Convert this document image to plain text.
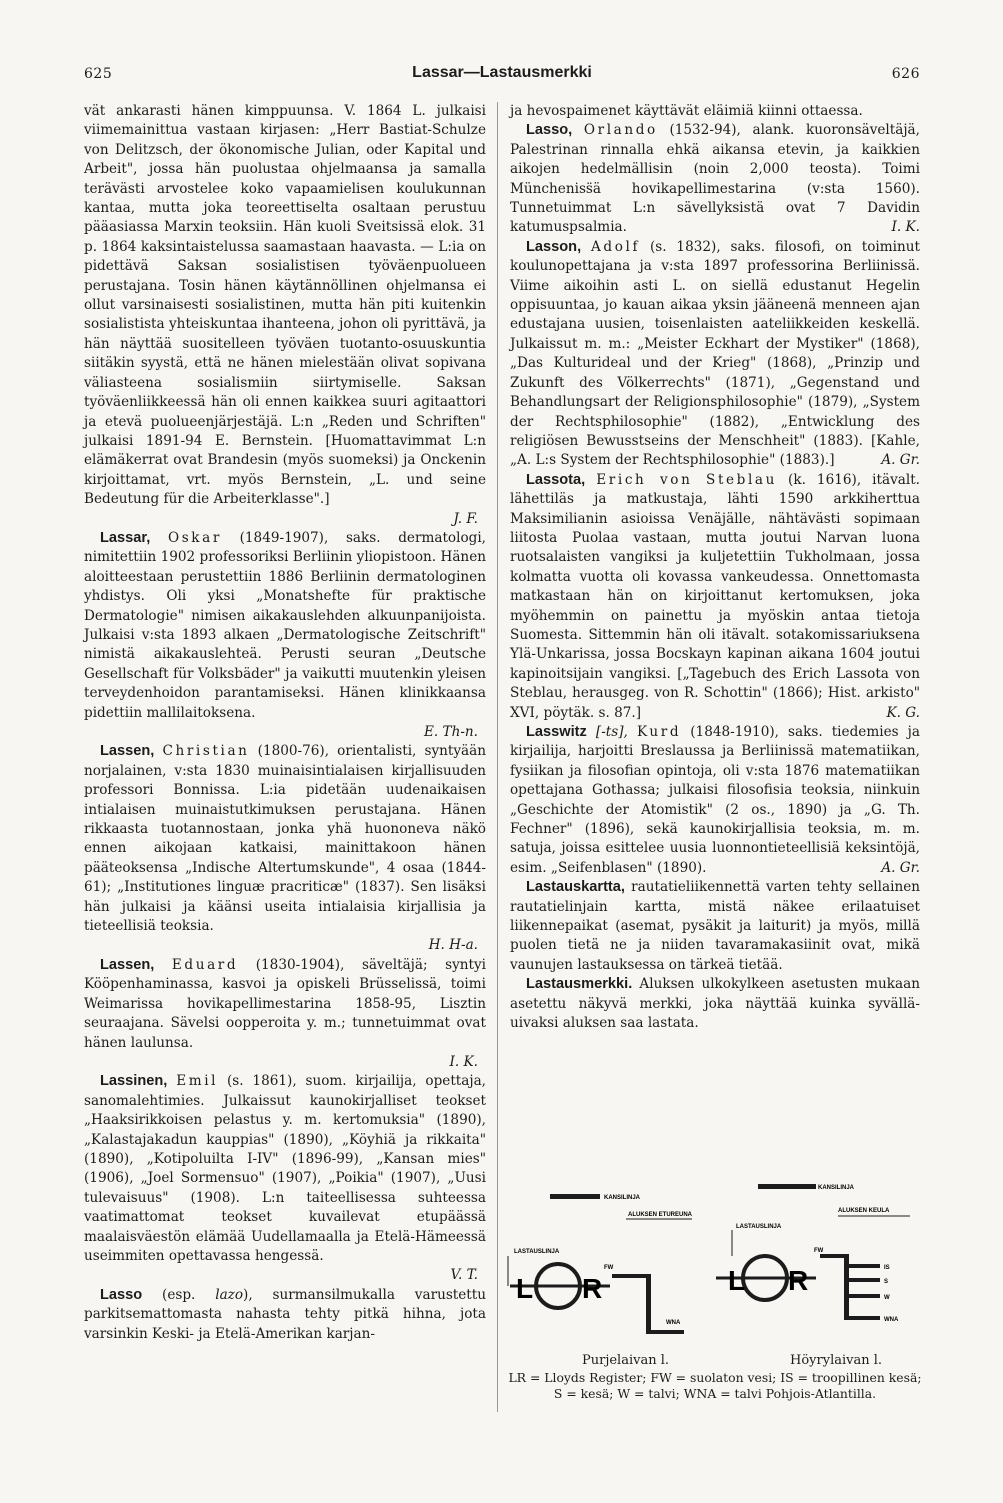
625	Lassar—Lastausmerkki	626

vät ankarasti hänen kimppuunsa. V. 1864 L. julkaisi viimemainittua vastaan kirjasen: „Herr Bastiat-Schulze von Delitzsch, der ökonomische Julian, oder Kapital und Arbeit", jossa hän puolustaa ohjelmaansa ja samalla terävästi arvostelee koko vapaamielisen koulukunnan kantaa, mutta joka teoreettiselta osaltaan perustuu pääasiassa Marxin teoksiin. Hän kuoli Sveitsissä elok. 31 p. 1864 kaksintaistelussa saamastaan haavasta. — L:ia on pidettävä Saksan sosialistisen työväenpuolueen perustajana. Tosin hänen käytännöllinen ohjelmansa ei ollut varsinaisesti sosialistinen, mutta hän piti kuitenkin sosialistista yhteiskuntaa ihanteena, johon oli pyrittävä, ja hän näyttää suositelleen työväen tuotanto-osuuskuntia siitäkin syystä, että ne hänen mielestään olivat sopivana väliasteena sosialismiin siirtymiselle. Saksan työväenliikkeessä hän oli ennen kaikkea suuri agitaattori ja etevä puolueenjärjestäjä. L:n „Reden und Schriften" julkaisi 1891-94 E. Bernstein. [Huomattavimmat L:n elämäkerrat ovat Brandesin (myös suomeksi) ja Onckenin kirjoittamat, vrt. myös Bernstein, „L. und seine Bedeutung für die Arbeiterklasse".]

J. F.

Lassar, Oskar (1849-1907), saks. dermatologi, nimitettiin 1902 professoriksi Berliinin yliopistoon. Hänen aloitteestaan perustettiin 1886 Berliinin dermatologinen yhdistys. Oli yksi „Monatshefte für praktische Dermatologie" nimisen aikakauslehden alkuunpanijoista. Julkaisi v:sta 1893 alkaen „Dermatologische Zeitschrift" nimistä aikakauslehteä. Perusti seuran „Deutsche Gesellschaft für Volksbäder" ja vaikutti muutenkin yleisen terveydenhoidon parantamiseksi. Hänen klinikkaansa pidettiin mallilaitoksena.

E. Th-n.

Lassen, Christian (1800-76), orientalisti, syntyään norjalainen, v:sta 1830 muinaisintialaisen kirjallisuuden professori Bonnissa. L:ia pidetään uudenaikaisen intialaisen muinaistutkimuksen perustajana. Hänen rikkaasta tuotannostaan, jonka yhä huononeva näkö ennen aikojaan katkaisi, mainittakoon hänen pääteoksensa „Indische Altertumskunde", 4 osaa (1844-61); „Institutiones linguæ pracriticæ" (1837). Sen lisäksi hän julkaisi ja käänsi useita intialaisia kirjallisia ja tieteellisiä teoksia.

H. H-a.

Lassen, Eduard (1830-1904), säveltäjä; syntyi Kööpenhaminassa, kasvoi ja opiskeli Brüsselissä, toimi Weimarissa hovikapellimestarina 1858-95, Lisztin seuraajana. Sävelsi oopperoita y. m.; tunnetuimmat ovat hänen laulunsa.

I. K.

Lassinen, Emil (s. 1861), suom. kirjailija, opettaja, sanomalehtimies. Julkaissut kaunokirjalliset teokset „Haaksirikkoisen pelastus y. m. kertomuksia" (1890), „Kalastajakadun kauppias" (1890), „Köyhiä ja rikkaita" (1890), „Kotipoluilta I-IV" (1896-99), „Kansan mies" (1906), „Joel Sormensuo" (1907), „Poikia" (1907), „Uusi tulevaisuus" (1908). L:n taiteellisessa suhteessa vaatimattomat teokset kuvailevat etupäässä maalaisväestön elämää Uudellamaalla ja Etelä-Hämeessä useimmiten opettavassa hengessä.

V. T.

Lasso (esp. lazo), surmansilmukalla varustettu parkitsemattomasta nahasta tehty pitkä hihna, jota varsinkin Keski- ja Etelä-Amerikan karjan-

ja hevospaimenet käyttävät eläimiä kiinni ottaessa.

Lasso, Orlando (1532-94), alank. kuoronsäveltäjä, Palestrinan rinnalla ehkä aikansa etevin, ja kaikkien aikojen hedelmällisin (noin 2,000 teosta). Toimi Müncheniss̈ä hovikapellimestarina (v:sta 1560). Tunnetuimmat L:n sävellyksistä ovat 7 Davidin katumuspsalmia.	I. K.

Lasson, Adolf (s. 1832), saks. filosofi, on toiminut koulunopettajana ja v:sta 1897 professorina Berliinissä. Viime aikoihin asti L. on siellä edustanut Hegelin oppisuuntaa, jo kauan aikaa yksin jääneenä menneen ajan edustajana uusien, toisenlaisten aateliikkeiden keskellä. Julkaissut m. m.: „Meister Eckhart der Mystiker" (1868), „Das Kulturideal und der Krieg" (1868), „Prinzip und Zukunft des Völkerrechts" (1871), „Gegenstand und Behandlungsart der Religionsphilosophie" (1879), „System der Rechtsphilosophie" (1882), „Entwicklung des religiösen Bewusstseins der Menschheit" (1883). [Kahle, „A. L:s System der Rechtsphilosophie" (1883).]	A. Gr.

Lassota, Erich von Steblau (k. 1616), itävalt. lähettiläs ja matkustaja, lähti 1590 arkkiherttua Maksimilianin asioissa Venäjälle, nähtävästi sopimaan liitosta Puolaa vastaan, mutta joutui Narvan luona ruotsalaisten vangiksi ja kuljetettiin Tukholmaan, jossa kolmatta vuotta oli kovassa vankeudessa. Onnettomasta matkastaan hän on kirjoittanut kertomuksen, joka myöhemmin on painettu ja myöskin antaa tietoja Suomesta. Sittemmin hän oli itävalt. sotakomissariuksena Ylä-Unkarissa, jossa Bocskayn kapinan aikana 1604 joutui kapinoitsijain vangiksi. [„Tagebuch des Erich Lassota von Steblau, herausgeg. von R. Schottin" (1866); Hist. arkisto" XVI, pöytäk. s. 87.]	K. G.

Lasswitz [-ts], Kurd (1848-1910), saks. tiedemies ja kirjailija, harjoitti Breslaussa ja Berliinissä matematiikan, fysiikan ja filosofian opintoja, oli v:sta 1876 matematiikan opettajana Gothassa; julkaisi filosofisia teoksia, niinkuin „Geschichte der Atomistik" (2 os., 1890) ja „G. Th. Fechner" (1896), sekä kaunokirjallisia teoksia, m. m. satuja, joissa esittelee uusia luonnontieteellisiä keksintöjä, esim. „Seifenblasen" (1890).	A. Gr.

Lastauskartta, rautatieliikennettä varten tehty sellainen rautatielinjain kartta, mistä näkee erilaatuiset liikennepaikat (asemat, pysäkit ja laiturit) ja myös, millä puolen tietä ne ja niiden tavaramakasiinit ovat, mikä vaunujen lastauksessa on tärkeä tietää.

Lastausmerkki. Aluksen ulkokylkeen asetusten mukaan asetettu näkyvä merkki, joka näyttää kuinka syvällä-uivaksi aluksen saa lastata.

KANSILINJA
KANSILINJA
ALUKSEN ETUREUNA
ALUKSEN KEULA
LASTAUSLINJA
L R
FW
WNA
LASTAUSLINJA
L R
FW
IS
S
W
WNA
Purjelaivan l.	Höyrylaivan l.
LR = Lloyds Register; FW = suolaton vesi; IS = troopillinen kesä; S = kesä; W = talvi; WNA = talvi Pohjois-Atlantilla.
